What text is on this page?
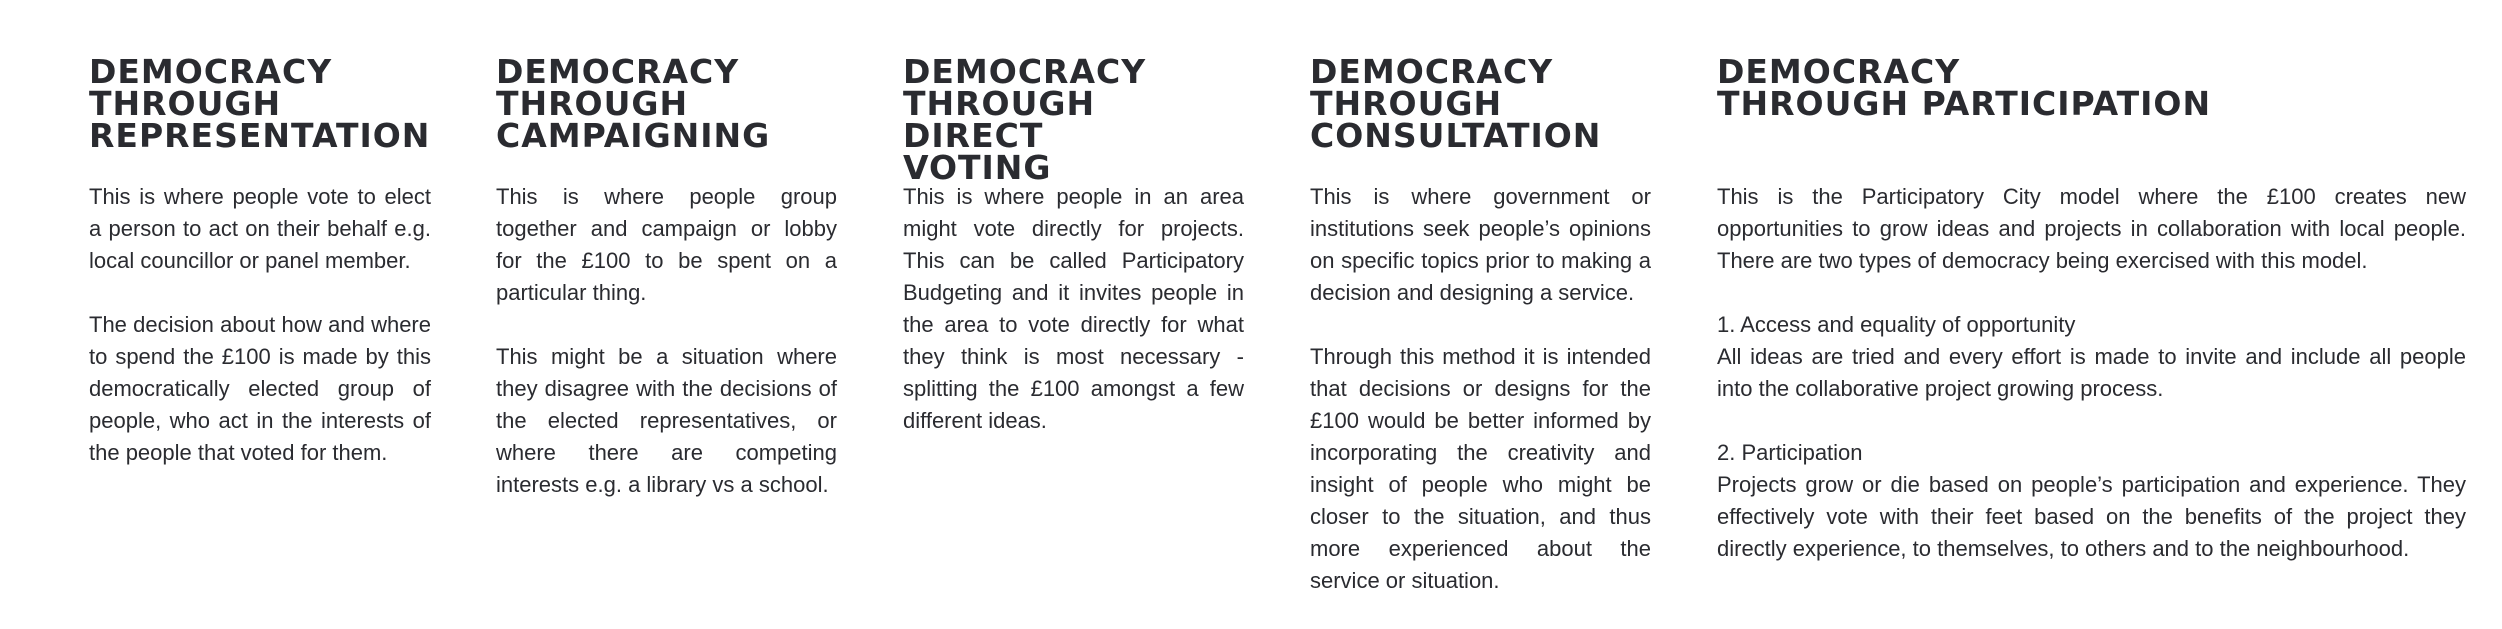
DEMOCRACY
THROUGH
REPRESENTATION

This is where people vote to elect a person to act on their behalf e.g. local councillor or panel member.

The decision about how and where to spend the £100 is made by this democratically elected group of people, who act in the interests of the people that voted for them.

DEMOCRACY
THROUGH
CAMPAIGNING

This is where people group together and campaign or lobby for the £100 to be spent on a particular thing.

This might be a situation where they disagree with the decisions of the elected representatives, or where there are competing interests e.g. a library vs a school.

DEMOCRACY
THROUGH DIRECT
VOTING

This is where people in an area might vote directly for projects. This can be called Participatory Budgeting and it invites people in the area to vote directly for what they think is most necessary - splitting the £100 amongst a few different ideas.

DEMOCRACY
THROUGH
CONSULTATION

This is where government or institutions seek people’s opinions on specific topics prior to making a decision and designing a service.

Through this method it is intended that decisions or designs for the £100 would be better informed by incorporating the creativity and insight of people who might be closer to the situation, and thus more experienced about the service or situation.

DEMOCRACY
THROUGH PARTICIPATION

This is the Participatory City model where the £100 creates new opportunities to grow ideas and projects in collaboration with local people. There are two types of democracy being exercised with this model.

1. Access and equality of opportunity

All ideas are tried and every effort is made to invite and include all people into the collaborative project growing process.

2. Participation

Projects grow or die based on people’s participation and experience. They effectively vote with their feet based on the benefits of the project they directly experience, to themselves, to others and to the neighbourhood.
